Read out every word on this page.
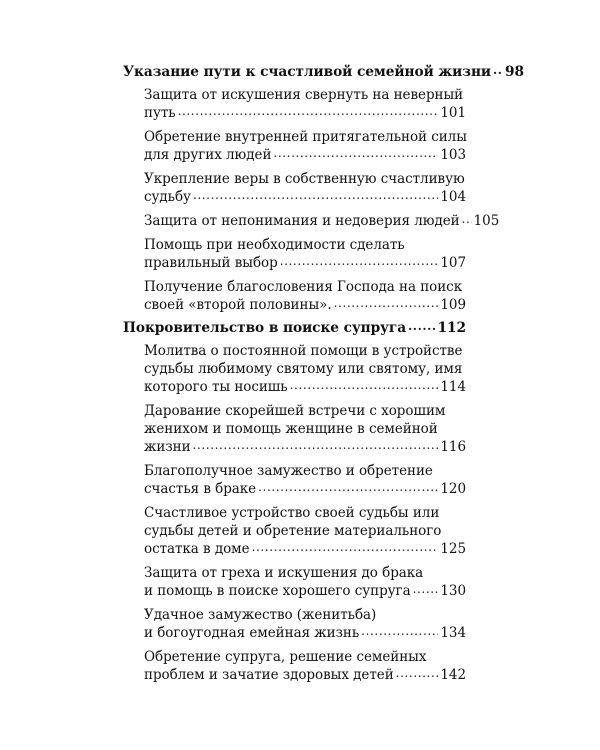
Указание пути к счастливой семейной жизни ..... 98
Защита от искушения свернуть на неверный
путь .....	101
Обретение внутренней притягательной силы
для других людей .....	103
Укрепление веры в собственную счастливую
судьбу .....	104
Защита от непонимания и недоверия людей ..... 105
Помощь при необходимости сделать
правильный выбор .....	107
Получение благословения Господа на поиск
своей «второй половины». .....	109
Покровительство в поиске супруга ..... 112
Молитва о постоянной помощи в устройстве
судьбы любимому святому или святому, имя
которого ты носишь .....	114
Дарование скорейшей встречи с хорошим
женихом и помощь женщине в семейной
жизни .....	116
Благополучное замужество и обретение
счастья в браке .....	120
Счастливое устройство своей судьбы или
судьбы детей и обретение материального
остатка в доме .....	125
Защита от греха и искушения до брака
и помощь в поиске хорошего супруга ..... 130
Удачное замужество (женитьба)
и богоугодная емейная жизнь .....	134
Обретение супруга, решение семейных
проблем и зачатие здоровых детей .....	142
